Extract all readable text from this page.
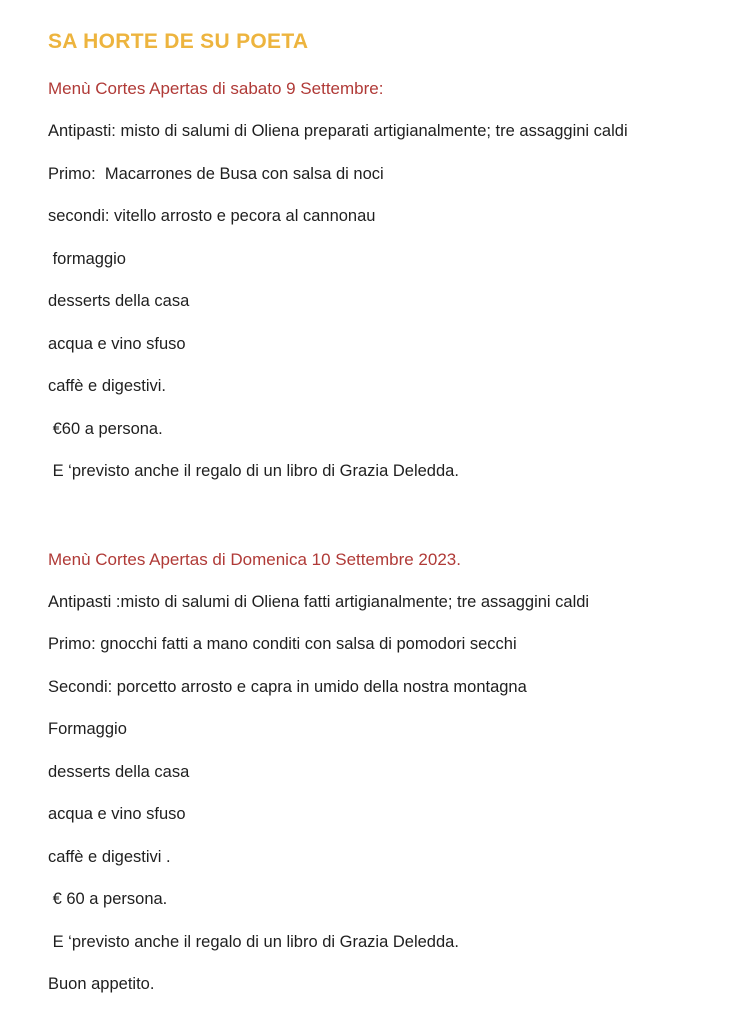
SA HORTE DE SU POETA

Menù Cortes Apertas di sabato 9 Settembre:

Antipasti: misto di salumi di Oliena preparati artigianalmente; tre assaggini caldi

Primo:  Macarrones de Busa con salsa di noci

secondi: vitello arrosto e pecora al cannonau

formaggio

desserts della casa

acqua e vino sfuso

caffè e digestivi.

€60 a persona.

E ‘previsto anche il regalo di un libro di Grazia Deledda.

Menù Cortes Apertas di Domenica 10 Settembre 2023.

Antipasti :misto di salumi di Oliena fatti artigianalmente; tre assaggini caldi

Primo: gnocchi fatti a mano conditi con salsa di pomodori secchi

Secondi: porcetto arrosto e capra in umido della nostra montagna

Formaggio

desserts della casa

acqua e vino sfuso

caffè e digestivi .

€ 60 a persona.

E ‘previsto anche il regalo di un libro di Grazia Deledda.

Buon appetito.
